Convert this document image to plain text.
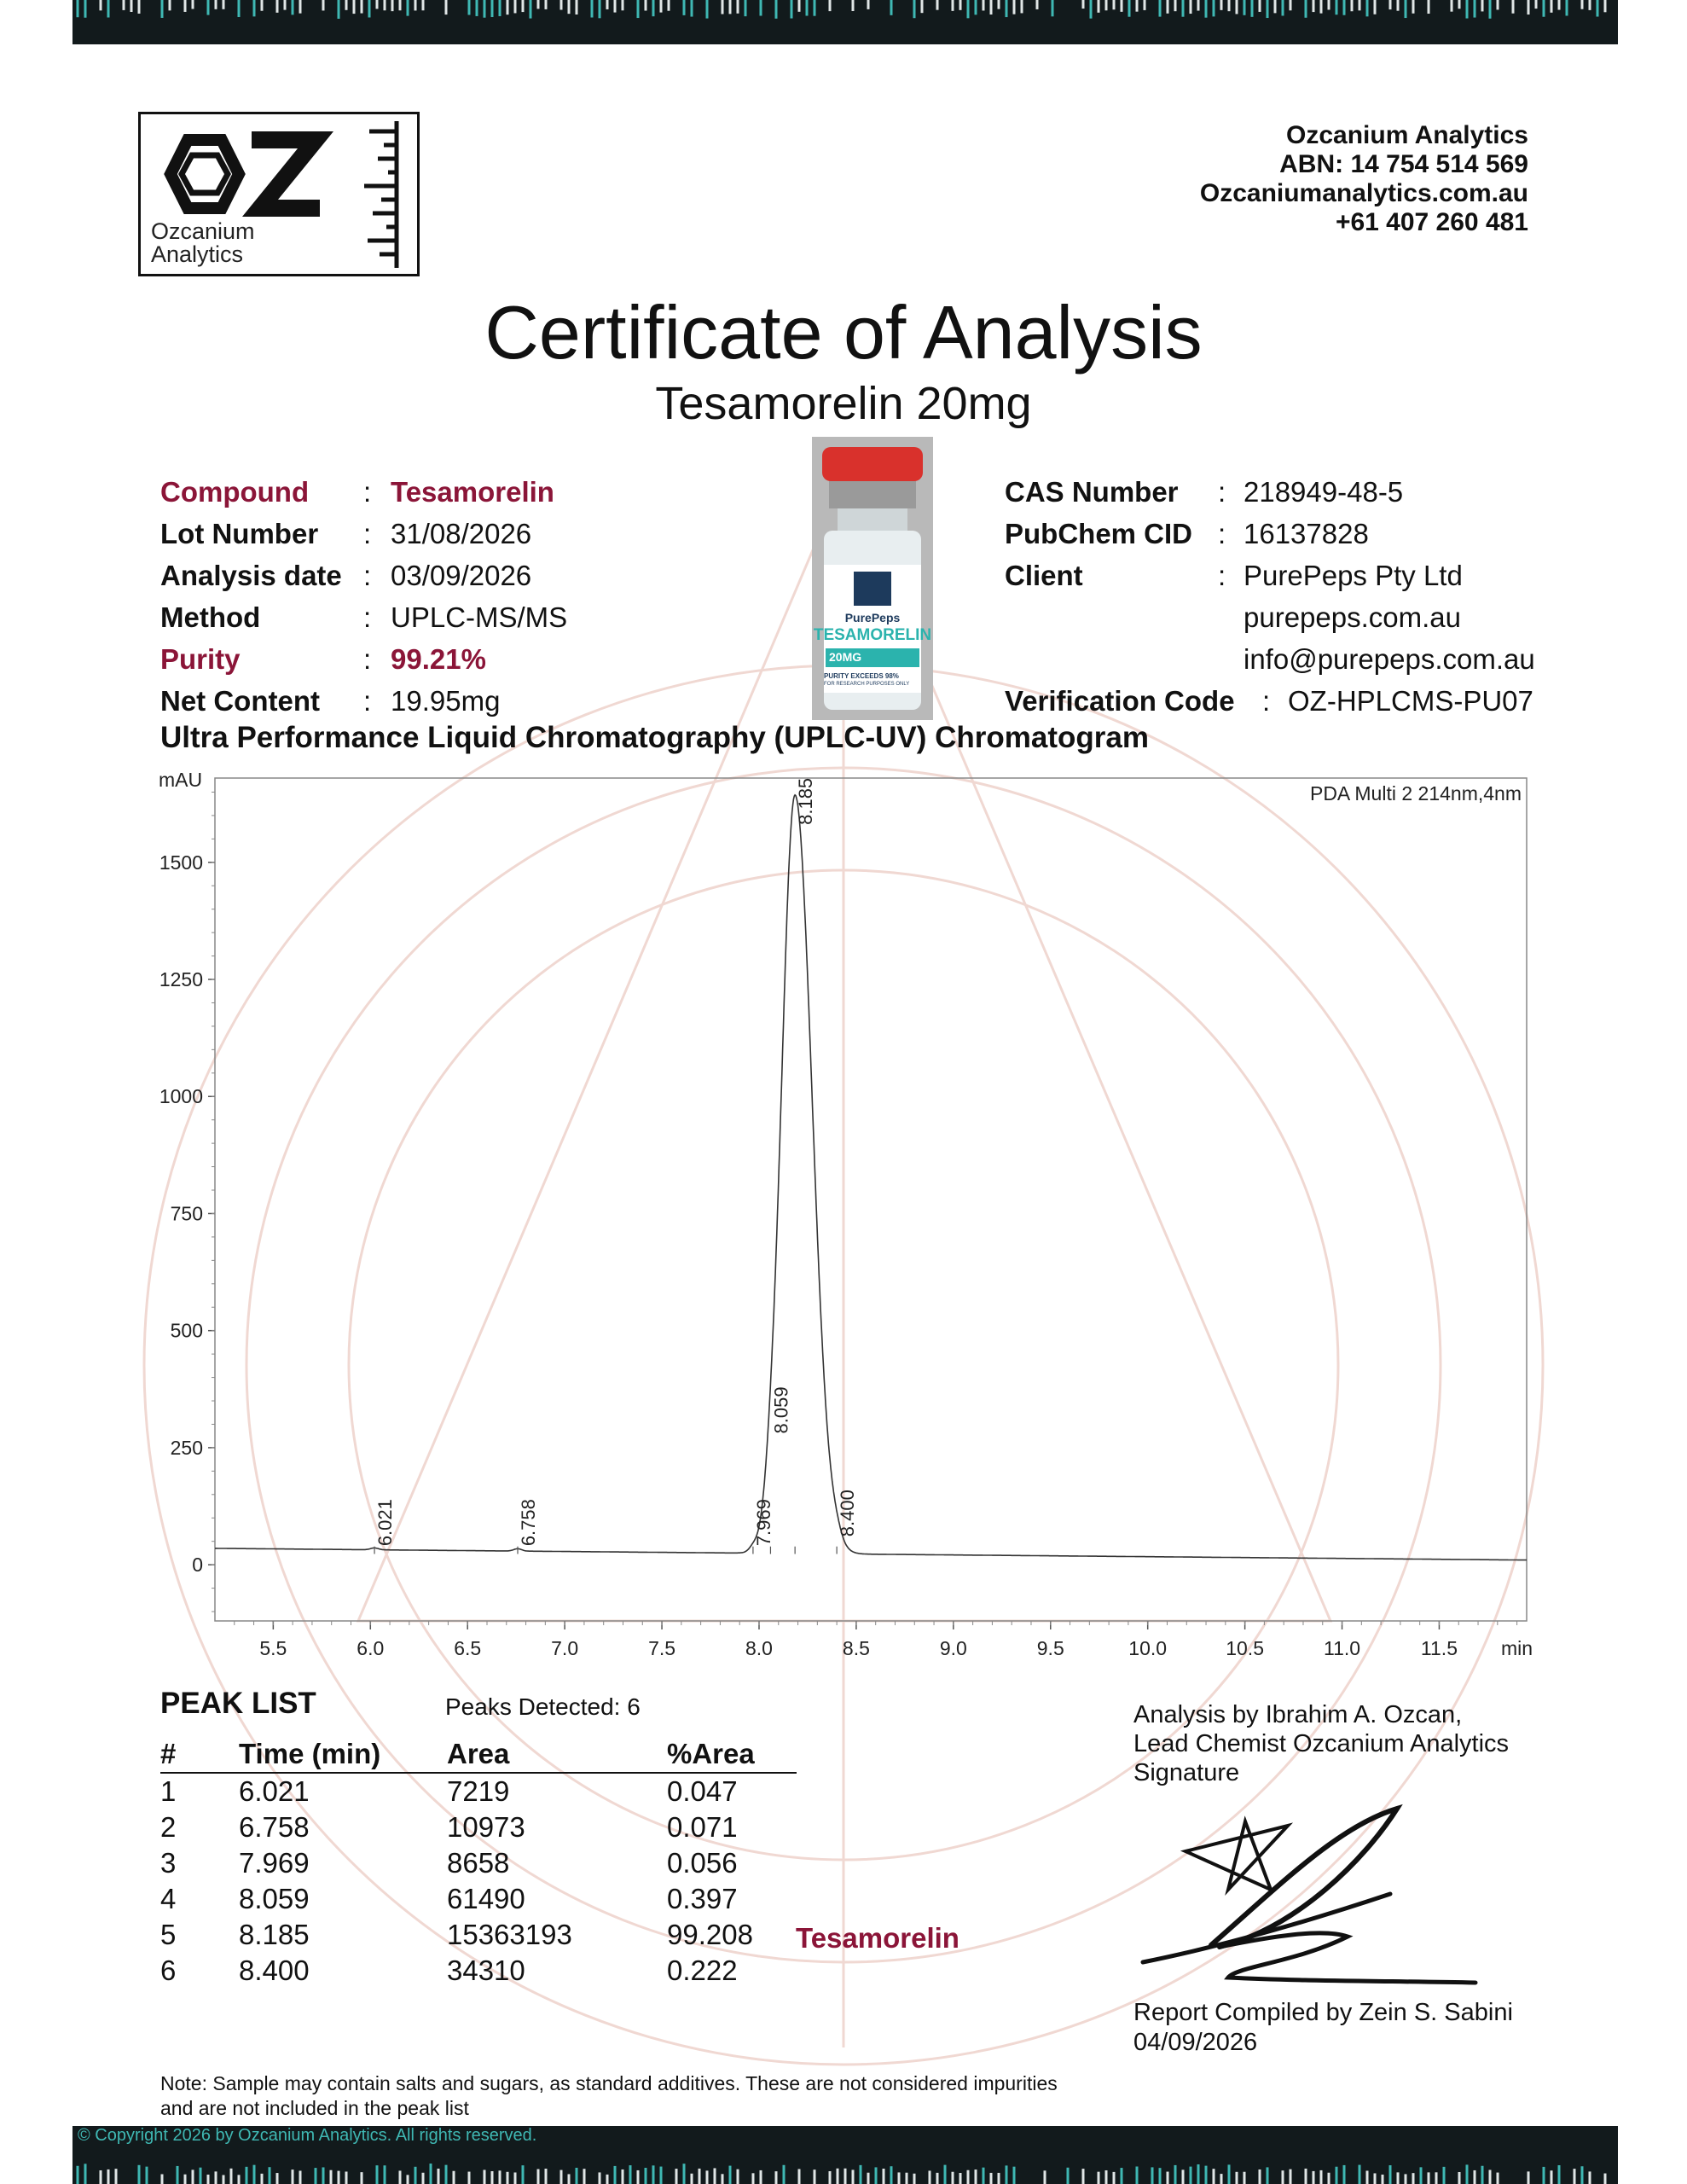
Ozcanium
Analytics
Ozcanium Analytics
ABN: 14 754 514 569
Ozcaniumanalytics.com.au
+61 407 260 481
Certificate of Analysis
Tesamorelin 20mg
Compound : Tesamorelin
Lot Number : 31/08/2026
Analysis date : 03/09/2026
Method	: UPLC-MS/MS
Purity	: 99.21%
Net Content : 19.95mg
PurePeps
TESAMORELIN
20MG
PURITY EXCEEDS 98%
FOR RESEARCH PURPOSES ONLY
CAS Number : 218949-48-5
PubChem CID : 16137828
Client	: PurePeps Pty Ltd
purepeps.com.au
info@purepeps.com.au
Verification Code : OZ-HPLCMS-PU07
Ultra Performance Liquid Chromatography (UPLC-UV) Chromatogram
0
250
500
750
1000
1250
1500
mAU
5.5	6.0	6.5	7.0	7.5	8.0	8.5	9.0	9.5	10.0	10.5	11.0	11.5 min
PDA Multi 2 214nm,4nm
6.021	6.758	7.969
8.059
8.185
8.400
PEAK LIST	Peaks Detected: 6
#	Time (min)	Area	%Area
1	6.021	7219	0.047
2	6.758	10973	0.071
3	7.969	8658	0.056
4	8.059	61490	0.397
5	8.185	15363193	99.208
6	8.400	34310	0.222
Tesamorelin
Analysis by Ibrahim A. Ozcan,
Lead Chemist Ozcanium Analytics
Signature
Report Compiled by Zein S. Sabini
04/09/2026
Note: Sample may contain salts and sugars, as standard additives. These are not considered impurities and are not included in the peak list
© Copyright 2026 by Ozcanium Analytics. All rights reserved.
